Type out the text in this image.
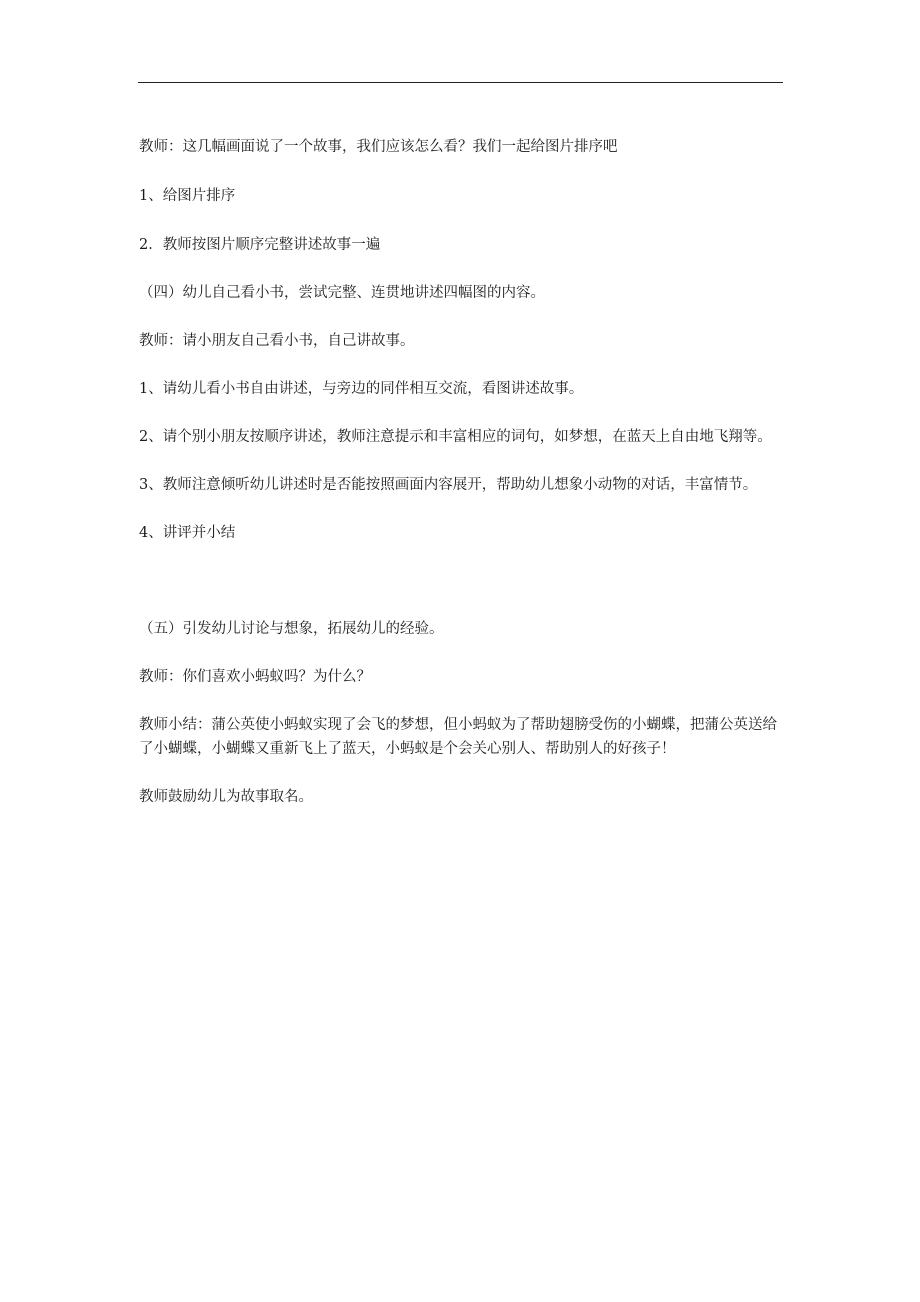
教师：这几幅画面说了一个故事，我们应该怎么看？我们一起给图片排序吧

1、给图片排序

2．教师按图片顺序完整讲述故事一遍

（四）幼儿自己看小书，尝试完整、连贯地讲述四幅图的内容。

教师：请小朋友自己看小书，自己讲故事。

1、请幼儿看小书自由讲述，与旁边的同伴相互交流，看图讲述故事。

2、请个别小朋友按顺序讲述，教师注意提示和丰富相应的词句，如梦想，在蓝天上自由地飞翔等。

3、教师注意倾听幼儿讲述时是否能按照画面内容展开，帮助幼儿想象小动物的对话，丰富情节。

4、讲评并小结

（五）引发幼儿讨论与想象，拓展幼儿的经验。

教师：你们喜欢小蚂蚁吗？为什么？

教师小结：蒲公英使小蚂蚁实现了会飞的梦想，但小蚂蚁为了帮助翅膀受伤的小蝴蝶，把蒲公英送给了小蝴蝶，小蝴蝶又重新飞上了蓝天，小蚂蚁是个会关心别人、帮助别人的好孩子！

教师鼓励幼儿为故事取名。
